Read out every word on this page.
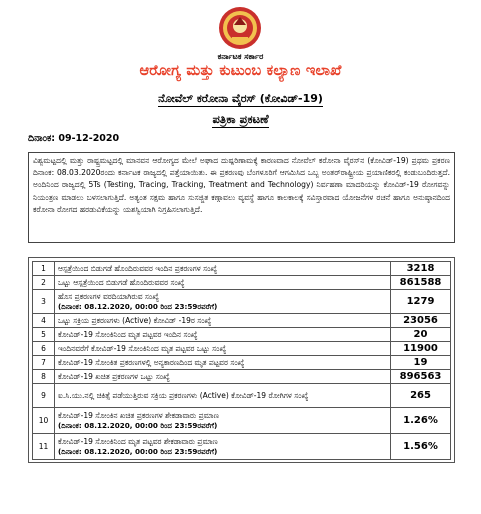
ಕರ್ನಾಟಕ ಸರ್ಕಾರ
ಆರೋಗ್ಯ ಮತ್ತು ಕುಟುಂಬ ಕಲ್ಯಾಣ ಇಲಾಖೆ
ನೋವೆಲ್ ಕರೋನಾ ವೈರಸ್ (ಕೋವಿಡ್-19)
ಪತ್ರಿಕಾ ಪ್ರಕಟಣೆ
ದಿನಾಂಕ: 09-12-2020
ವಿಶ್ವಮಟ್ಟದಲ್ಲಿ ಮತ್ತು ರಾಷ್ಟ್ರಮಟ್ಟದಲ್ಲಿ ಮಾನವನ ಆರೋಗ್ಯದ ಮೇಲೆ ಅಘಾದ ದುಷ್ಪರಿಣಾಮಕ್ಕೆ ಕಾರಣವಾದ ನೋವೆಲ್ ಕರೋನಾ ವೈರಸ್‌ನ (ಕೋವಿಡ್-19) ಪ್ರಥಮ ಪ್ರಕರಣ ದಿನಾಂಕ: 08.03.2020ರಂದು ಕರ್ನಾಟಕ ರಾಜ್ಯದಲ್ಲಿ ಪತ್ತೆಯಾಯಿತು. ಈ ಪ್ರಕರಣವು ಬೆಂಗಳೂರಿಗೆ ಆಗಮಿಸಿದ ಒಬ್ಬ ಅಂತರ್‌ರಾಷ್ಟ್ರೀಯ ಪ್ರಯಾಣಿಕರಲ್ಲಿ ಕಂಡುಬಂದಿರುತ್ತದೆ. ಅಂದಿನಿಂದ ರಾಜ್ಯದಲ್ಲಿ 5Ts (Testing, Tracing, Tracking, Treatment and Technology) ನಿರ್ವಹಣಾ ಮಾದರಿಯನ್ನು ಕೋವಿಡ್-19 ರೋಗವನ್ನು ನಿಯಂತ್ರಣ ಮಾಡಲು ಬಳಸಲಾಗುತ್ತಿದೆ. ಅತ್ಯಂತ ಸಕ್ಷಮ ಹಾಗೂ ಸುಸಜ್ಜಿತ ಕಣ್ಗಾವಲು ವ್ಯವಸ್ಥೆ ಹಾಗೂ ಕಾಲಕಾಲಕ್ಕೆ ಸವಿಸ್ತಾರವಾದ ಯೋಜನೆಗಳ ರಚನೆ ಹಾಗೂ ಅನುಷ್ಠಾನದಿಂದ ಕರೋನಾ ರೋಗದ ಹರಡುವಿಕೆಯನ್ನು ಯಶಸ್ವಿಯಾಗಿ ನಿಗ್ರಹಿಸಲಾಗುತ್ತಿದೆ.
1	ಆಸ್ಪತ್ರೆಯಿಂದ ಬಿಡುಗಡೆ ಹೊಂದಿರುವವರ ಇಂದಿನ ಪ್ರಕರಣಗಳ ಸಂಖ್ಯೆ	3218
2	ಒಟ್ಟು ಆಸ್ಪತ್ರೆಯಿಂದ ಬಿಡುಗಡೆ ಹೊಂದಿರುವವರ ಸಂಖ್ಯೆ	861588
3	ಹೊಸ ಪ್ರಕರಣಗಳ ವರದಿಯಾಗಿರುವ ಸಂಖ್ಯೆ
(ದಿನಾಂಕ: 08.12.2020, 00:00 ರಿಂದ 23:59ರವರೆಗೆ)	1279
4	ಒಟ್ಟು ಸಕ್ರಿಯ ಪ್ರಕರಣಗಳು (Active) ಕೋವಿಡ್ -19ರ ಸಂಖ್ಯೆ	23056
5	ಕೋವಿಡ್-19 ಸೋಂಕಿನಿಂದ ಮೃತ ಪಟ್ಟವರ ಇಂದಿನ ಸಂಖ್ಯೆ	20
6	ಇಂದಿನವರೆಗೆ ಕೋವಿಡ್-19 ಸೋಂಕಿನಿಂದ ಮೃತ ಪಟ್ಟವರ ಒಟ್ಟು ಸಂಖ್ಯೆ	11900
7	ಕೋವಿಡ್-19 ಸೋಂಕಿತ ಪ್ರಕರಣಗಳಲ್ಲಿ ಅನ್ಯಕಾರಣದಿಂದ ಮೃತ ಪಟ್ಟವರ ಸಂಖ್ಯೆ	19
8	ಕೋವಿಡ್-19 ಖಚಿತ ಪ್ರಕರಣಗಳ ಒಟ್ಟು ಸಂಖ್ಯೆ	896563
9	ಐ.ಸಿ.ಯು.ನಲ್ಲಿ ಚಿಕಿತ್ಸೆ ಪಡೆಯುತ್ತಿರುವ ಸಕ್ರಿಯ ಪ್ರಕರಣಗಳು (Active) ಕೋವಿಡ್-19 ರೋಗಿಗಳ ಸಂಖ್ಯೆ	265
10	ಕೋವಿಡ್-19 ಸೋಂಕಿನ ಖಚಿತ ಪ್ರಕರಣಗಳ ಶೇಕಡಾವಾರು ಪ್ರಮಾಣ
(ದಿನಾಂಕ: 08.12.2020, 00:00 ರಿಂದ 23:59ರವರೆಗೆ)	1.26%
11	ಕೋವಿಡ್-19 ಸೋಂಕಿನಿಂದ ಮೃತ ಪಟ್ಟವರ ಶೇಕಡಾವಾರು ಪ್ರಮಾಣ
(ದಿನಾಂಕ: 08.12.2020, 00:00 ರಿಂದ 23:59ರವರೆಗೆ)	1.56%
